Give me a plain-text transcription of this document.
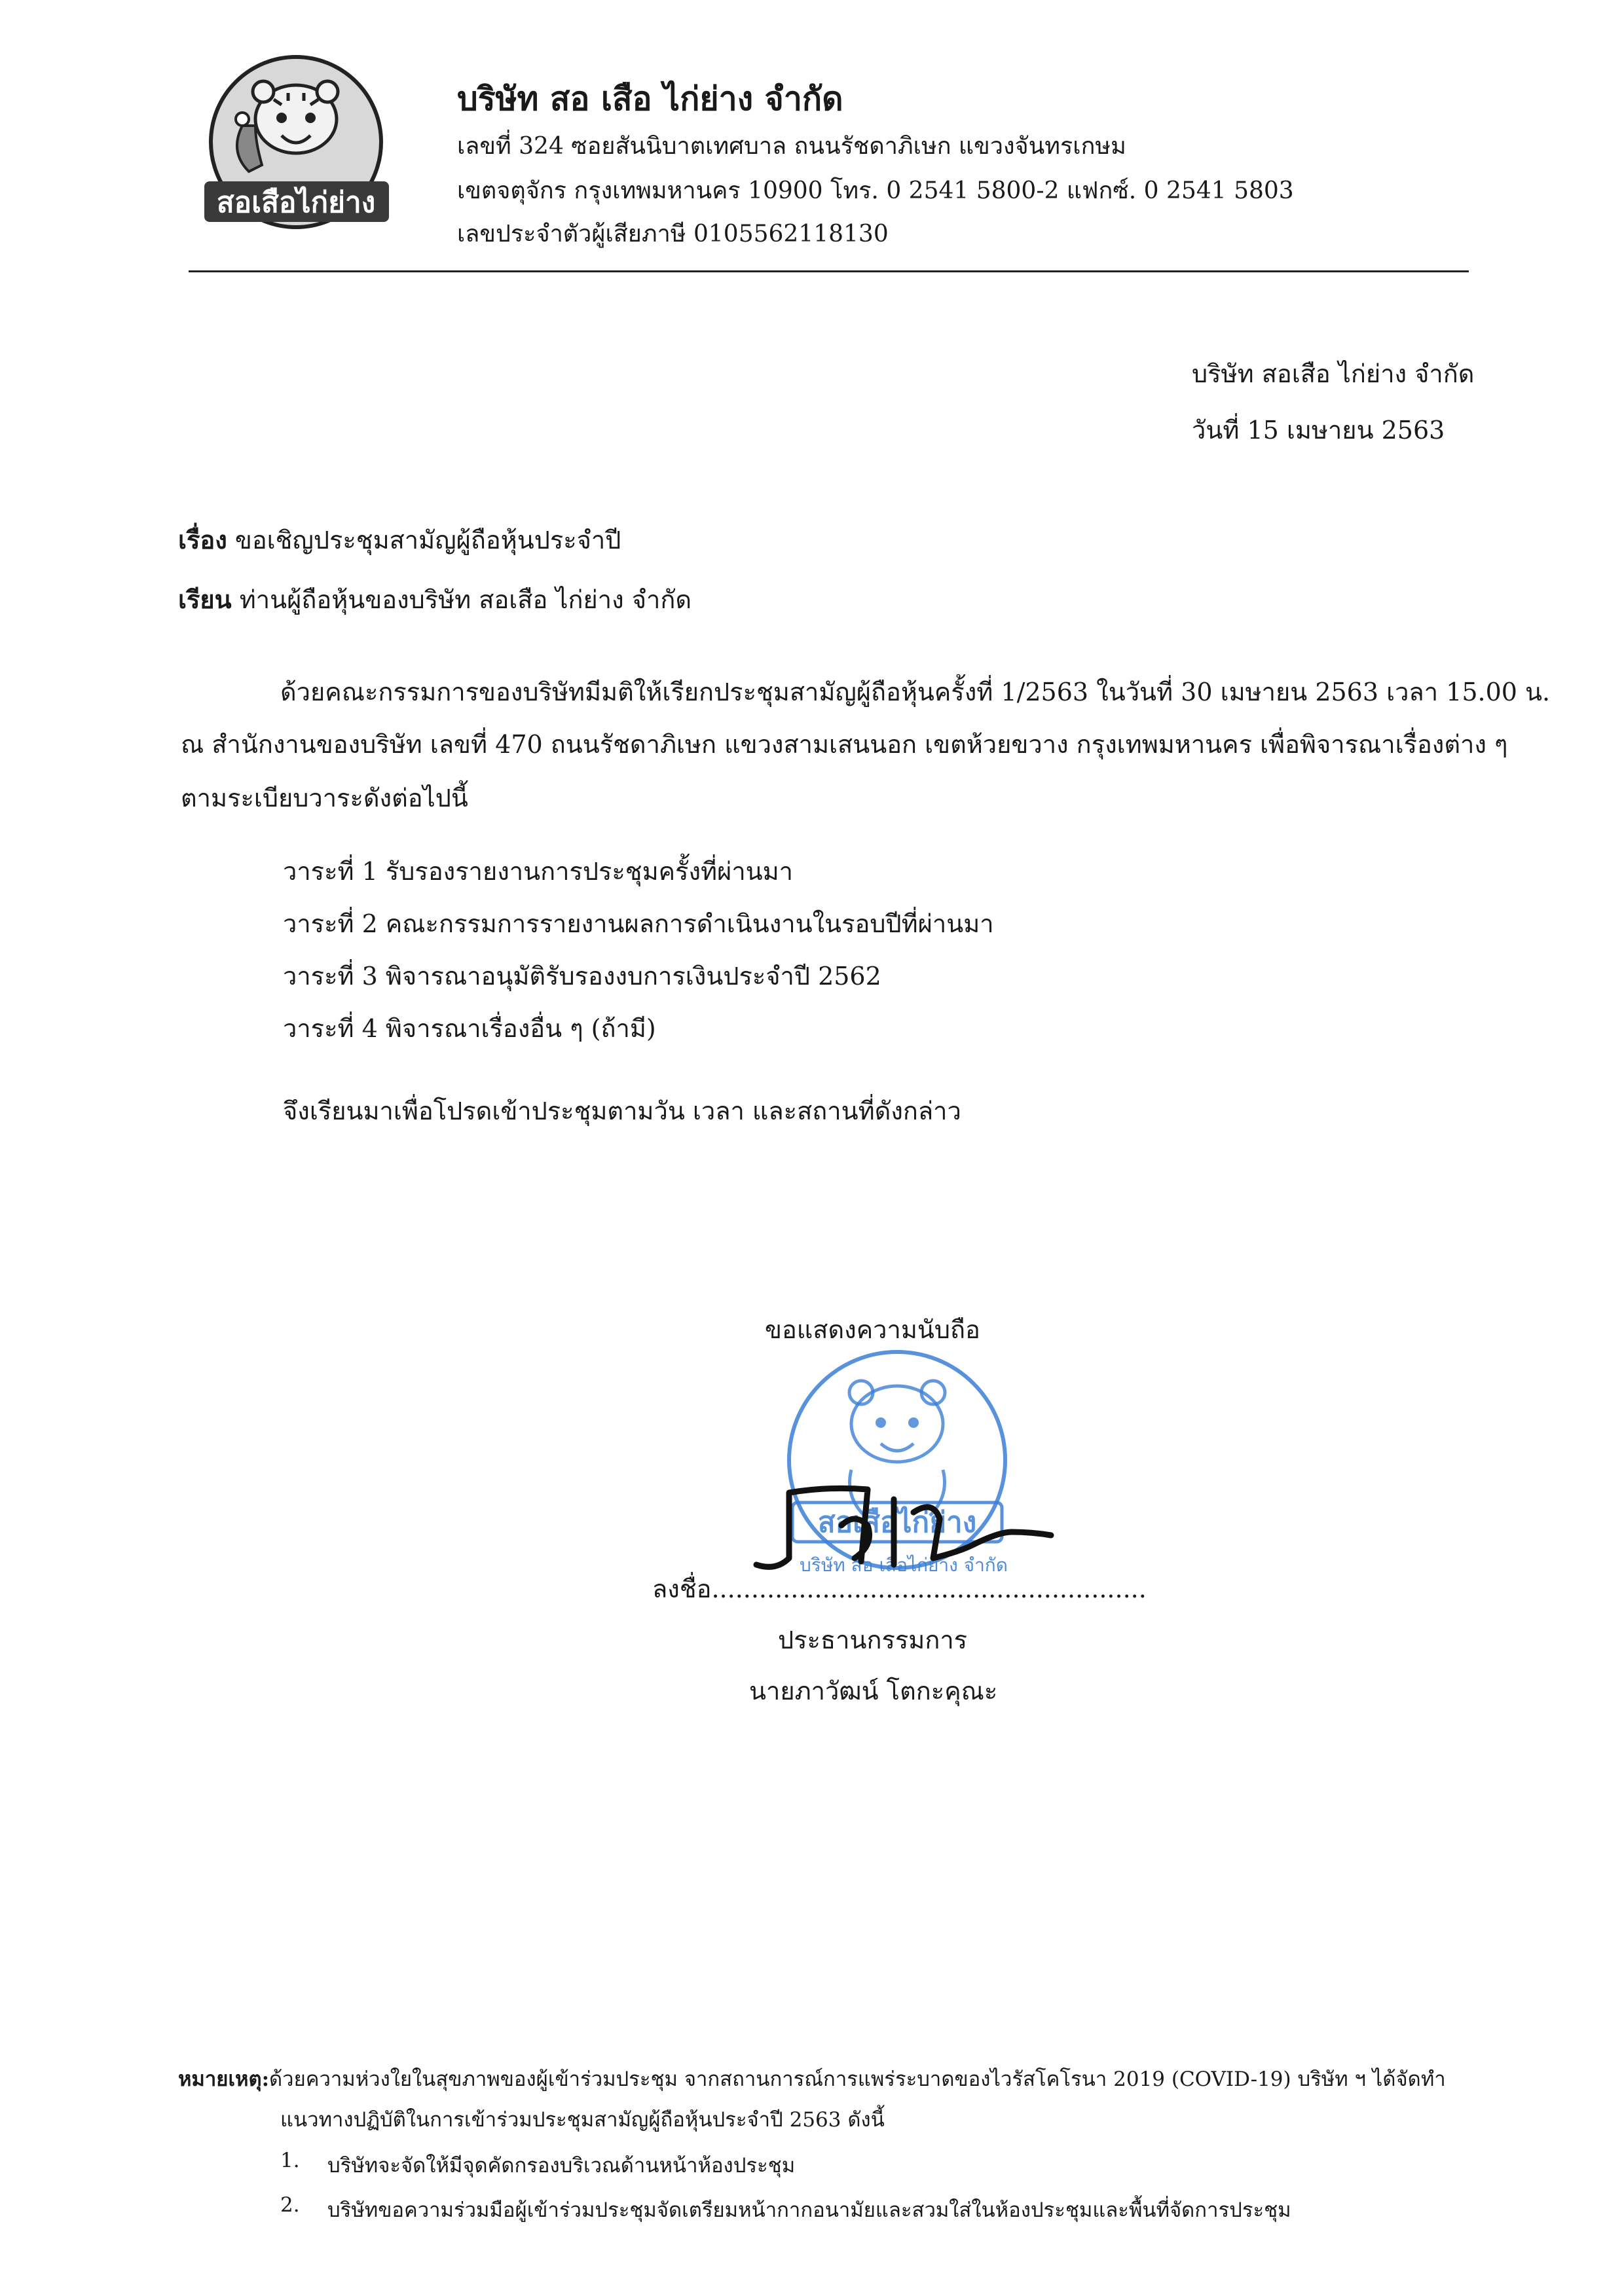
สอเสือไก่ย่าง
บริษัท สอ เสือ ไก่ย่าง จำกัด
เลขที่ 324 ซอยสันนิบาตเทศบาล ถนนรัชดาภิเษก แขวงจันทรเกษม
เขตจตุจักร กรุงเทพมหานคร 10900 โทร. 0 2541 5800-2 แฟกซ์. 0 2541 5803
เลขประจำตัวผู้เสียภาษี 0105562118130
บริษัท สอเสือ ไก่ย่าง จำกัด
วันที่ 15 เมษายน 2563
เรื่อง ขอเชิญประชุมสามัญผู้ถือหุ้นประจำปี
เรียน ท่านผู้ถือหุ้นของบริษัท สอเสือ ไก่ย่าง จำกัด
ด้วยคณะกรรมการของบริษัทมีมติให้เรียกประชุมสามัญผู้ถือหุ้นครั้งที่ 1/2563 ในวันที่ 30 เมษายน 2563 เวลา 15.00 น.
ณ สำนักงานของบริษัท เลขที่ 470 ถนนรัชดาภิเษก แขวงสามเสนนอก เขตห้วยขวาง กรุงเทพมหานคร เพื่อพิจารณาเรื่องต่าง ๆ
ตามระเบียบวาระดังต่อไปนี้
วาระที่ 1 รับรองรายงานการประชุมครั้งที่ผ่านมา
วาระที่ 2 คณะกรรมการรายงานผลการดำเนินงานในรอบปีที่ผ่านมา
วาระที่ 3 พิจารณาอนุมัติรับรองงบการเงินประจำปี 2562
วาระที่ 4 พิจารณาเรื่องอื่น ๆ (ถ้ามี)
จึงเรียนมาเพื่อโปรดเข้าประชุมตามวัน เวลา และสถานที่ดังกล่าว
ขอแสดงความนับถือ
สอเสือไก่ย่าง
บริษัท สอ เสือไก่ย่าง จำกัด
ลงชื่อ.......................................................
ประธานกรรมการ
นายภาวัฒน์ โตกะคุณะ
หมายเหตุ:ด้วยความห่วงใยในสุขภาพของผู้เข้าร่วมประชุม จากสถานการณ์การแพร่ระบาดของไวรัสโคโรนา 2019 (COVID-19) บริษัท ฯ ได้จัดทำ
แนวทางปฏิบัติในการเข้าร่วมประชุมสามัญผู้ถือหุ้นประจำปี 2563 ดังนี้
1. บริษัทจะจัดให้มีจุดคัดกรองบริเวณด้านหน้าห้องประชุม
2. บริษัทขอความร่วมมือผู้เข้าร่วมประชุมจัดเตรียมหน้ากากอนามัยและสวมใส่ในห้องประชุมและพื้นที่จัดการประชุม
